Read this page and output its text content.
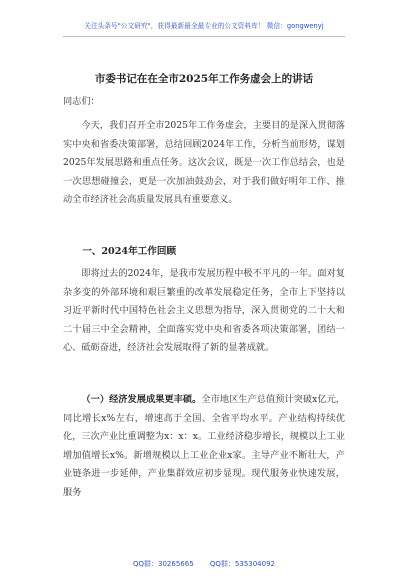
关注头条号"公文研究"，获得最新最全最专业的公文资料库！ 微信：gongwenyj
市委书记在在全市2025年工作务虚会上的讲话
同志们：
今天，我们召开全市2025年工作务虚会，主要目的是深入贯彻落实中央和省委决策部署，总结回顾2024年工作，分析当前形势，谋划2025年发展思路和重点任务。这次会议，既是一次工作总结会，也是一次思想碰撞会，更是一次加油鼓劲会，对于我们做好明年工作、推动全市经济社会高质量发展具有重要意义。
一、2024年工作回顾
即将过去的2024年，是我市发展历程中极不平凡的一年。面对复杂多变的外部环境和艰巨繁重的改革发展稳定任务，全市上下坚持以习近平新时代中国特色社会主义思想为指导，深入贯彻党的二十大和二十届三中全会精神，全面落实党中央和省委各项决策部署，团结一心、砥砺奋进，经济社会发展取得了新的显著成就。
（一）经济发展成果更丰硕。全市地区生产总值预计突破x亿元，同比增长x%左右，增速高于全国、全省平均水平。产业结构持续优化，三次产业比重调整为x：x：x。工业经济稳步增长，规模以上工业增加值增长x%。新增规模以上工业企业x家。主导产业不断壮大，产业链条进一步延伸，产业集群效应初步显现。现代服务业快速发展，服务
QQ群：30265665 QQ群：535304092
